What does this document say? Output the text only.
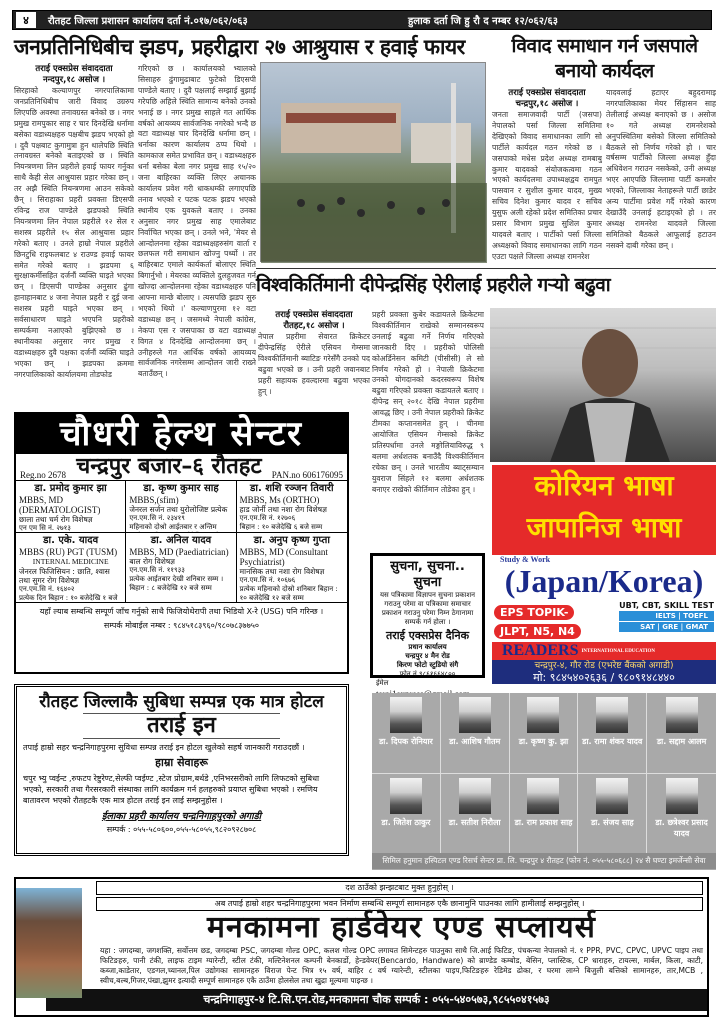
४	रौतहट जिल्ला प्रशासन कार्यालय दर्ता नं.०१७/०६२/०६३	हुलाक दर्ता जि हु रौ द नम्बर १२/०६२/६३
जनप्रतिनिधिबीच झडप, प्रहरीद्वारा २७ आश्रुयास र हवाई फायर
तराई एक्सप्रेस संवाददाता
नन्दपुर,१८ असोज ।
सिरहाको कल्याणपुर नगरपालिकामा जनप्रतिनिधिबीच जारी विवाद उग्ररुप लिएपछि अवस्था तनावग्रस्त बनेको छ । नगर प्रमुख रामपुकार साह र चार दिनदेखि धर्नामा बसेका वडाध्यक्षहरु पक्षबीच झडप भएको हो । दुवै पक्षबाट कुगामुत्रा हुन थालेपछि स्थिति तनावग्रस्त बनेको बताइएको छ । स्थिति नियन्त्रणमा लिन प्रहरीले हवाई फायर गर्नुका साथै केही सेल आश्रुयास प्रहार गरेका छन् । तर अझै स्थिति नियन्त्रणमा आउन सकेको छैन् । सिराहाका प्रहरी प्रवक्ता डिएसपी रविन्द्र राज पाण्डेले झडपको स्थिति नियन्त्रणमा लिन नेपाल प्रहरीले १२ सेल र सशस्त्र प्रहरीले १५ सेल आश्रुयास प्रहार गरेको बताए । उनले हाम्रो नेपाल प्रहरीले छिनटुधि राइफलबाट ४ राउण्ड हवाई फायर समेत गरेको बताए । झडपमा ६ सुरक्षाकर्मीसहित दर्जनौं व्यक्ति घाइते भएका छन् । डिएसपी पाण्डेका अनुसार ढुंगा हानाहानबाट ४ जना नेपाल प्रहरी र दुई जना सशस्त्र प्रहरी घाइते भएका छन् । सर्वसाधारण घाइते भएपनि प्रहरीको सम्पर्कमा नआएको बुझिएको छ । स्थानीयका अनुसार नगर प्रमुख र वडाध्यक्षहरु दुवै पक्षका दर्जनौं व्यक्ति घाइते भएका छन् । झडपका क्रममा नगरपालिकाको कार्यालयमा तोडफोड
गरिएको छ । कार्यालयको भ्यालको सिसाहरु ढुंगामुढाबाट फुटेको डिएसपी पाण्डेले बताए । दुवै पक्षलाई सम्झाई बुझाई गरेपछि अहिले स्थिति सामान्य बनेको उनको भनाई छ । नगर प्रमुख साहले गत आर्थिक वर्षको आयव्यय सार्वजनिक नगरेको भन्दै छ वटा वडाध्यक्ष चार दिनदेखि धर्नामा छन् । धर्नाका कारण कार्यालय ठप्प थियो । कामकाज समेत प्रभावित छन् । वडाध्यक्षहरु धर्ना बसेका बेला नगर प्रमुख साह १५/२० जना बाहिरका व्यक्ति लिएर अचानक कार्यालय प्रवेश गरी धाकधम्की लगाएपछि तनाव भएको र पटक पटक झडप भएको स्थानीय एक युवकले बताए । उनका अनुसार नगर प्रमुख साह एमालेबाट निर्वाचित भएका छन् । उनले भने, 'मेयर से आन्दोलनमा रहेका वडाध्यक्षहरुसंग वार्ता र छलफल गरी समाधान खोज्नु पर्थ्यो । तर बाहिरबाट एमाले कार्यकर्ता बोलाएर स्थिति बिगार्नुभो । मेयरका व्यक्तिले दुलहुजवत गर्न खोज्दा आन्दोलनमा रहेका वडाध्यक्षहरु पनि आफ्ना मान्छे बोलाए । त्यसपछि झडप सुरु भएको थियो ।' कल्याणपुरमा १२ वटा वडाध्यक्ष छन् । जसमध्ये नेपाली कांग्रेस, नेकपा एस र जसपाका छ वटा वडाध्यक्ष विगत ४ दिनदेखि आन्दोलनमा छन् । उनीहरुले गत आर्थिक वर्षको आयव्यय सार्वजनिक नगरेसम्म आन्दोलन जारी राख्ने बताउँछन् ।
विवाद समाधान गर्न जसपाले
बनायो कार्यदल
तराई एक्सप्रेस संवाददाता
चन्द्रपुर,१८ असोज ।
जनता समाजवादी पार्टी (जसपा) नेपालको पर्सा जिल्ला समितिमा देखिएको विवाद समाधानका लागि सो पार्टीले कार्यदल गठन गरेको छ । जसपाको मधेस प्रदेश अध्यक्ष रामबाबु कुमार यादवको संयोजकत्वमा गठन भएको कार्यदलमा उपाध्यक्षद्वय रामपुत पासवान र सुशील कुमार यादव, मुख्य सचिव दिनेश कुमार यादव र सचिव युसुफ अली रहेको प्रदेश समितिका प्रचार प्रसार विभाग प्रमुख सुशिल कुमार यादवले बताए । पार्टीको पर्सा जिल्ला अध्यक्षको विवाद समाधानका लागि गठन एउटा पक्षले जिल्ला अध्यक्ष रामनरेश
यादवलाई हटाएर बहुदरामाइ नगरपालिकाका मेयर सिंहासन साह तेलीलाई अध्यक्ष बनाएको छ । असोज १० गते अध्यक्ष रामनरेशको अनुपस्थितिमा बसेको जिल्ला समितिको बैठकले सो निर्णय गरेको हो । चार वर्षसम्म पार्टीको जिल्ला अध्यक्ष हुँदा अधिवेशन गराउन नसकेको, उनी अध्यक्ष भएर आएपछि जिल्लामा पार्टी कमजोर भएको, जिल्लाका नेताहरूले पार्टी छाडेर अन्य पार्टीमा प्रवेश गर्दै गरेको कारण देखाउँदै उनलाई हटाइएको हो । तर अध्यक्ष रामनरेश यादवले जिल्ला समितिको बैठकले आफूलाई हटाउन नसक्ने दाबी गरेका छन् ।
विश्वकिर्तिमानी दीपेन्द्रसिंह ऐरीलाई प्रहरीले गर्‍यो बढुवा
तराई एक्सप्रेस संवाददाता
रौतहट,१८ असोज ।
नेपाल प्रहरीमा सेवारत क्रिकेटर दीपेन्द्रसिंह ऐरीले एसियन गेम्समा विश्वकीर्तिमानी ब्याटिङ गरेसँगै उनको पद बढुवा भएको छ । उनी प्रहरी जवानबाट प्रहरी सहायक हवल्दारमा बढुवा भएका हुन् ।
प्रहरी प्रवक्ता कुबेर कडायतले क्रिकेटमा विश्वकीर्तिमान राखेको सम्मानस्वरूप उनलाई बढुवा गर्ने निर्णय गरिएको जानकारी दिए । प्रहरीको पोलिसी कोअर्डिनेसन कमिटी (पीसीसी) ले सो निर्णय गरेको हो । नेपाली क्रिकेटमा उनको योगदानको कदरस्वरूप विशेष बढुवा गरिएको प्रवक्ता कडायतले बताए । दीपेन्द्र सन् २०१८ देखि नेपाल प्रहरीमा आवद्ध छिए । उनी नेपाल प्रहरीको क्रिकेट टीमका कप्तानसमेत हुन् । चीनमा आयोजित एसियन गेम्सको क्रिकेट प्रतिस्पर्धामा उनले मङ्गोलियाविरुद्ध ९ बलमा अर्धशतक बनाउँदै विश्वकीर्तिमान रचेका छन् । उनले भारतीय ब्याट्सम्यान युवराज सिंहले १२ बलमा अर्धशतक बनाएर राखेको कीर्तिमान तोडेका हुन् ।
चौधरी हेल्थ सेन्टर
Reg.no 2678 चन्द्रपुर बजार–६ रौतहट PAN.no 606176095
डा. प्रमोद कुमार झा
MBBS, MD (DERMATOLOGIST)
छाला तथा चर्म रोग विशेषज्ञ
एन एम सि नं. २७१३
डा. कृष्ण कुमार साह
MBBS,(sfim)
जेनरल सर्जन तथा युरोलोजिष्ट प्रत्येक
एन.एम.सि नं. २३४१९
महिनाको दोश्रो आईतबार र अन्तिम
डा. शशि रञ्जन तिवारी
MBBS, Ms (ORTHO)
हाड जोर्नी तथा नशा रोग विशेषज्ञ
एन.एम.सि नं. १२७०६
बिहान : १० बजेदेखि ६ बजे सम्म
डा. एके. यादव
MBBS (RU) PGT (TUSM)
INTERNAL MEDICINE
जेनरल फिजिसियन : छाति, श्वास तथा सुगर रोग विशेषज्ञ
एन.एम.सि नं. १६४०२
प्रत्येक दिन बिहान : १० बजेदेखि १ बजे
डा. अनिल यादव
MBBS, MD (Paediatrician)
बाल रोग विशेषज्ञ
एन.एम.सि नं. ११९३३
प्रत्येक आईतबार देखी शनिबार सम्म । बिहान : ८ बजेदेखि १२ बजे सम्म
डा. अनुप कृष्ण गुप्ता
MBBS, MD (Consultant Psychiatrist)
मानसिक तथा नशा रोग विशेषज्ञ
एन.एम.सि नं. १०६७६
प्रत्येक महिनाको दोस्रो शनिबार बिहान : १० बजेदेखि १२ बजे सम्म
यहाँ ल्याब सम्बन्धि सम्पूर्ण जाँच गर्नुको साथै फिजियोथेरापी तथा भिडियो X-रे (USG) पनि गरिन्छ ।
सम्पर्क मोबाईल नम्बर : ९८४५१८३९६०/९८०७८३७७५०
रौतहट जिल्लाकै सुबिधा सम्पन्न एक मात्र होटल
तराई इन
तपाई हाम्रो सहर चन्द्रनिगाहपुरमा सुविधा सम्पन्न तराई इन होटल खुलेको सहर्ष जानकारी गराउदछौं ।
हाम्रा सेवाहरू
चपुर भ्यु प्वईन्ट ,रुफटप रेष्टुरेण्ट,सेल्फी प्वईण्ट ,स्टेज प्रोग्राम,बर्थडे ,एनिभरसरीको लागि लिफटको सुबिधा भएको, सरकारी तथा गैरसरकारी संस्थाका लागि कार्यक्रम गर्न हलहरुको प्रयाप्त सुबिधा भएको । रमणिय बातावरण भएको रौतहटकै एक मात्र होटल तराई इन लाई सम्झनुहोस ।
ईलाका प्रहरी कार्यालय चन्द्रनिगाहपुरको अगाडी
सम्पर्क : ०५५-५८०६००,०५५-५८०५५,९८२०९२८७०८
सुचना, सुचना.. सुचना
यस पत्रिकामा विज्ञापन सुचना प्रकाशन गराउनु परेमा वा पत्रिकामा समाचार प्रकाशन गराउनु परेमा निम्न ठेगानामा सम्पर्क गर्न होला ।
तराई एक्सप्रेस दैनिक
प्रधान कार्यालय
चन्द्रपुर ४ मैन रोड
किरण फोटो स्टुडियो संगै
फोन नं ९८६१६६४८००
ईमेल
कोरियन भाषा
जापानिज भाषा
Study & Work
(Japan/Korea)
EPS TOPIK-
JLPT, N5, N4
UBT, CBT, SKILL TEST
IELTS | TOEFL
SAT | GRE | GMAT
READERS INTERNATIONAL EDUCATION
चन्द्रपुर-४, गौर रोड (एभरेष्ट बैंकको अगाडी)
मो: ९८४५४०२६३६ / ९८०९१४८४४०
डा. दिपक रोनियार	डा. आशिष गौतम	डा. कृष्ण कु. झा	डा. रामा शंकर यादव	डा. सद्दाम आलम
डा. जितेश ठाकुर	डा. सतीश निरौला	डा. राम प्रकाश साह	डा. संजय साह	डा. छत्रेश्वर प्रसाद यादव
सिमिल हनुमान हस्पिटल एण्ड रिसर्च सेन्टर प्रा. लि. चन्द्रपुर ४ रौतहट (फोन नं. ०५५-५८०६८८) २४ सै घण्टा इमर्जेन्सी सेवा
दश ठाउँको झन्झटबाट मुक्त हुनुहोस् ।
अब तपाई हाम्रो शहर चन्द्रनिगाहपुरमा भवन निर्माण सम्बन्धि सम्पूर्ण सामानहरु एकै छानामुनि पाउनका लागि हामीलाई सम्झनुहोस् ।
मनकामना हार्डवेयर एण्ड सप्लायर्स
यहा : जगदम्बा, जगशक्ति, सर्वोत्तम छड, जगदम्बा PSC, जगदम्बा गोल्ड OPC, कलश गोल्ड OPC लगायत सिमेन्टहरु पाउनुका साथै जि.आई फिटिङ, पंचकन्या नेपालको नं. १ PPR, PVC, CPVC, UPVC पाइप तथा फिटिङहरु, पानी टंकी, लाइफ टाइम ग्यारेन्टी, स्टील टंकी, मल्टिनेशनल कम्पनी बेनकार्डो, हेन्डवेयर(Bencardo, Handware) को ब्राण्डेड कम्बोड, बेसिन, प्लास्टिक, CP धाराहरु, टायल्स, मार्बल, किला, काटी, कब्जा,काडेतार, एङगल,च्यानल,पिल उद्योगका सामानहरु विराज पेन्ट भित्र १५ वर्ष, बाहिर ८ वर्ष ग्यारेन्टी, स्टीलका पाइप,फिटिङहरु रेडिमेड ढोका, र घरमा लाग्ने बिजुली बत्तिको सामानहरु, तार,MCB , स्वीच,बल्ब,गिजर,पंखा,झुमर इत्यादी सम्पूर्ण सामानहरु एकै ठाउँमा होलसेल तथा खुद्रा मूल्यमा पाइन्छ ।
चन्द्रनिगाहपुर-४ टि.सि.एन.रोड,मनकामना चौक सम्पर्क : ०५५-५४०५७३,९८५५०४१५७३
